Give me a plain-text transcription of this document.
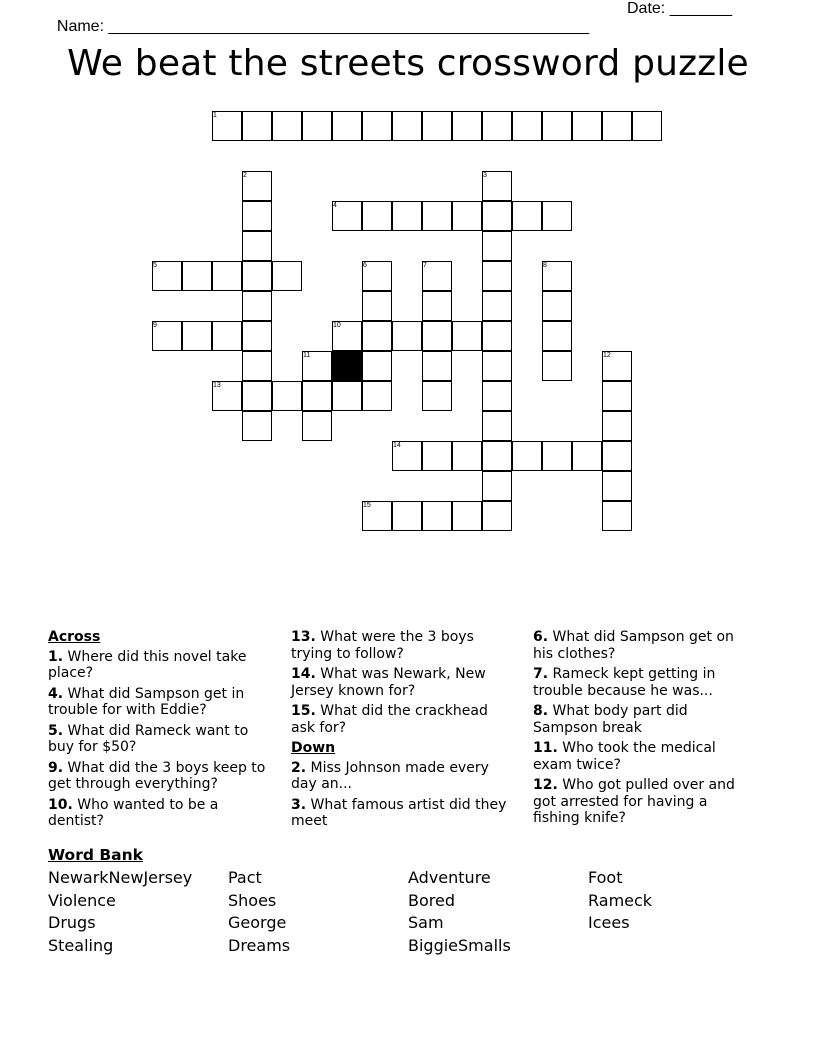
Name: ______________________________________________________

Date: _______

We beat the streets crossword puzzle
1
2	3
4
5	6	7	8
9	10
11	12
13
14
15
Across
1. Where did this novel take place?
4. What did Sampson get in trouble for with Eddie?
5. What did Rameck want to buy for $50?
9. What did the 3 boys keep to get through everything?
10. Who wanted to be a dentist?
13. What were the 3 boys trying to follow?
14. What was Newark, New Jersey known for?
15. What did the crackhead ask for?
Down
2. Miss Johnson made every day an...
3. What famous artist did they meet
6. What did Sampson get on his clothes?
7. Rameck kept getting in trouble because he was...
8. What body part did Sampson break
11. Who took the medical exam twice?
12. Who got pulled over and got arrested for having a fishing knife?
Word Bank
NewarkNewJersey Pact	Adventure	Foot
Violence	Shoes	Bored	Rameck
Drugs	George	Sam	Icees
Stealing	Dreams	BiggieSmalls
